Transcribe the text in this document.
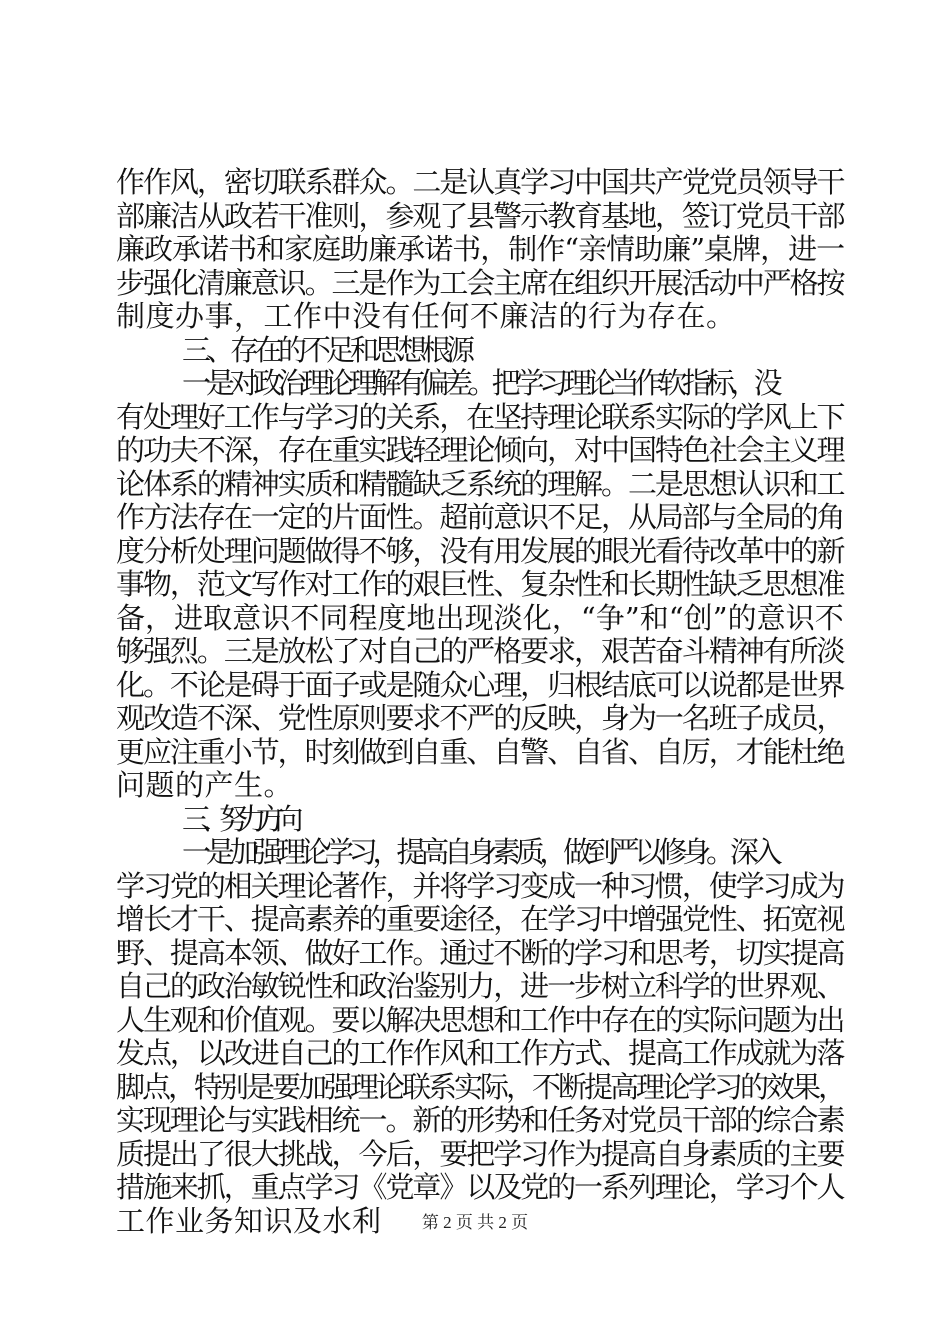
作作风，密切联系群众。二是认真学习中国共产党党员领导干
部廉洁从政若干准则，参观了县警示教育基地，签订党员干部
廉政承诺书和家庭助廉承诺书，制作“亲情助廉”桌牌，进一
步强化清廉意识。三是作为工会主席在组织开展活动中严格按
制度办事，工作中没有任何不廉洁的行为存在。
三、存在的不足和思想根源
一是对政治理论理解有偏差。把学习理论当作软指标，没
有处理好工作与学习的关系，在坚持理论联系实际的学风上下
的功夫不深，存在重实践轻理论倾向，对中国特色社会主义理
论体系的精神实质和精髓缺乏系统的理解。二是思想认识和工
作方法存在一定的片面性。超前意识不足，从局部与全局的角
度分析处理问题做得不够，没有用发展的眼光看待改革中的新
事物，范文写作对工作的艰巨性、复杂性和长期性缺乏思想准
备，进取意识不同程度地出现淡化，“争”和“创”的意识不
够强烈。三是放松了对自己的严格要求，艰苦奋斗精神有所淡
化。不论是碍于面子或是随众心理，归根结底可以说都是世界
观改造不深、党性原则要求不严的反映，身为一名班子成员，
更应注重小节，时刻做到自重、自警、自省、自厉，才能杜绝
问题的产生。
三、努力方向
一是加强理论学习，提高自身素质，做到严以修身。深入
学习党的相关理论著作，并将学习变成一种习惯，使学习成为
增长才干、提高素养的重要途径，在学习中增强党性、拓宽视
野、提高本领、做好工作。通过不断的学习和思考，切实提高
自己的政治敏锐性和政治鉴别力，进一步树立科学的世界观、
人生观和价值观。要以解决思想和工作中存在的实际问题为出
发点，以改进自己的工作作风和工作方式、提高工作成就为落
脚点，特别是要加强理论联系实际，不断提高理论学习的效果，
实现理论与实践相统一。新的形势和任务对党员干部的综合素
质提出了很大挑战，今后，要把学习作为提高自身素质的主要
措施来抓，重点学习《党章》以及党的一系列理论，学习个人
工作业务知识及水利	第 2 页 共 2 页
